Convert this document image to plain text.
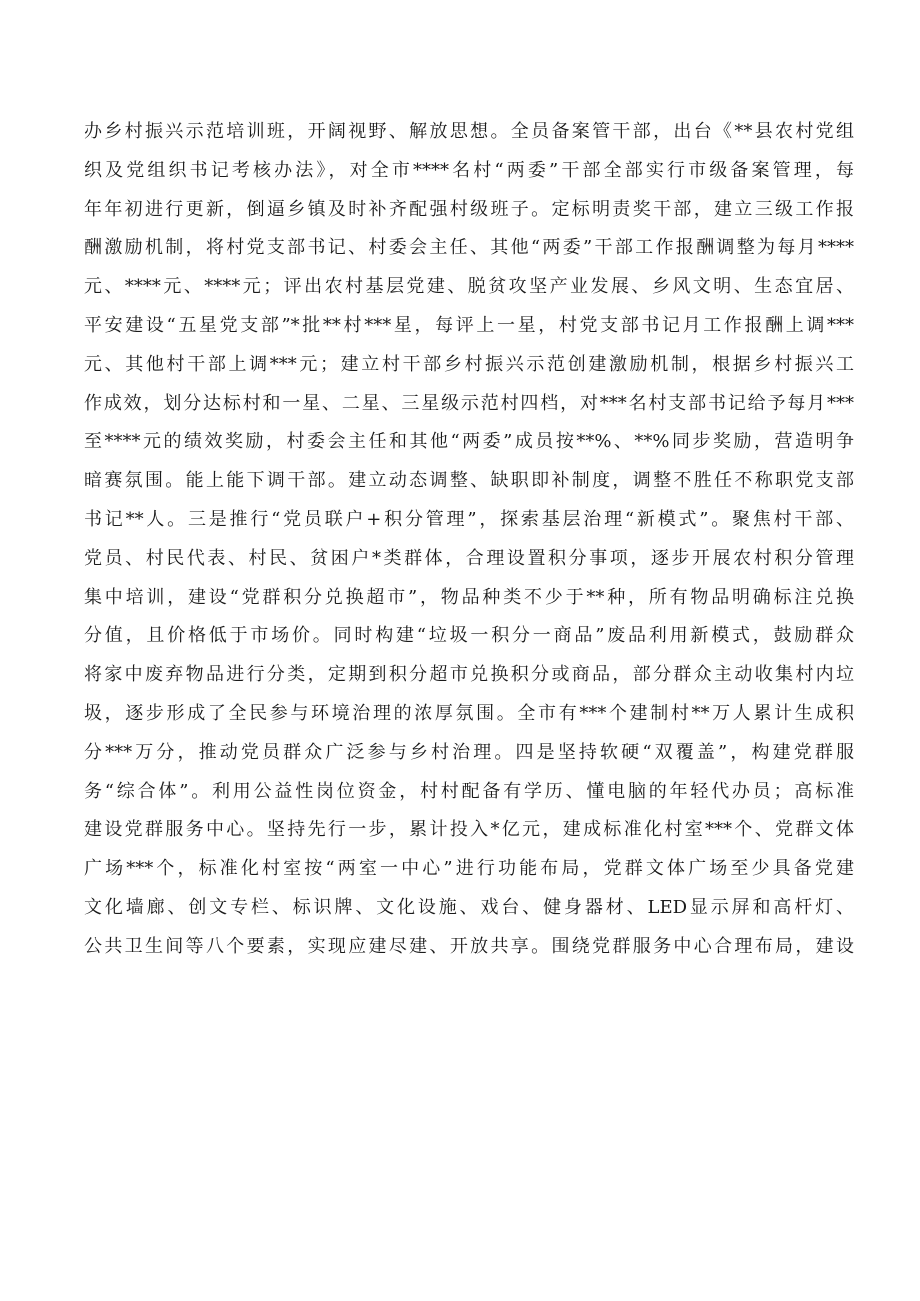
办乡村振兴示范培训班，开阔视野、解放思想。全员备案管干部，出台《**县农村党组
织及党组织书记考核办法》，对全市****名村“两委”干部全部实行市级备案管理，每
年年初进行更新，倒逼乡镇及时补齐配强村级班子。定标明责奖干部，建立三级工作报
酬激励机制，将村党支部书记、村委会主任、其他“两委”干部工作报酬调整为每月****
元、****元、****元；评出农村基层党建、脱贫攻坚产业发展、乡风文明、生态宜居、
平安建设“五星党支部”*批**村***星，每评上一星，村党支部书记月工作报酬上调***
元、其他村干部上调***元；建立村干部乡村振兴示范创建激励机制，根据乡村振兴工
作成效，划分达标村和一星、二星、三星级示范村四档，对***名村支部书记给予每月***
至****元的绩效奖励，村委会主任和其他“两委”成员按**%、**%同步奖励，营造明争
暗赛氛围。能上能下调干部。建立动态调整、缺职即补制度，调整不胜任不称职党支部
书记**人。三是推行“党员联户+积分管理”，探索基层治理“新模式”。聚焦村干部、
党员、村民代表、村民、贫困户*类群体，合理设置积分事项，逐步开展农村积分管理
集中培训，建设“党群积分兑换超市”，物品种类不少于**种，所有物品明确标注兑换
分值，且价格低于市场价。同时构建“垃圾一积分一商品”废品利用新模式，鼓励群众
将家中废弃物品进行分类，定期到积分超市兑换积分或商品，部分群众主动收集村内垃
圾，逐步形成了全民参与环境治理的浓厚氛围。全市有***个建制村**万人累计生成积
分***万分，推动党员群众广泛参与乡村治理。四是坚持软硬“双覆盖”，构建党群服
务“综合体”。利用公益性岗位资金，村村配备有学历、懂电脑的年轻代办员；高标准
建设党群服务中心。坚持先行一步，累计投入*亿元，建成标准化村室***个、党群文体
广场***个，标准化村室按“两室一中心”进行功能布局，党群文体广场至少具备党建
文化墙廊、创文专栏、标识牌、文化设施、戏台、健身器材、LED显示屏和高杆灯、
公共卫生间等八个要素，实现应建尽建、开放共享。围绕党群服务中心合理布局，建设
